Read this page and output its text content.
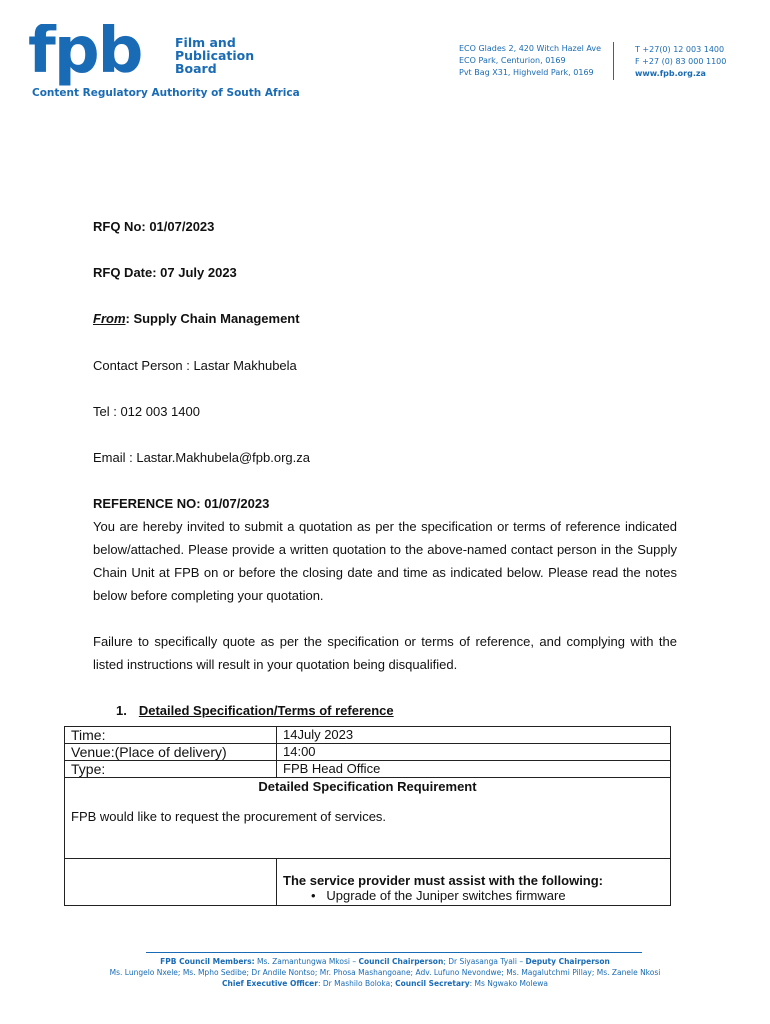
fpb	Film and
Publication
Board
Content Regulatory Authority of South Africa
ECO Glades 2, 420 Witch Hazel Ave
ECO Park, Centurion, 0169
Pvt Bag X31, Highveld Park, 0169
T +27(0) 12 003 1400
F +27 (0) 83 000 1100
www.fpb.org.za
RFQ No: 01/07/2023
RFQ Date: 07 July 2023
From: Supply Chain Management
Contact Person : Lastar Makhubela
Tel : 012 003 1400
Email : Lastar.Makhubela@fpb.org.za
REFERENCE NO: 01/07/2023
You are hereby invited to submit a quotation as per the specification or terms of reference indicated below/attached. Please provide a written quotation to the above-named contact person in the Supply Chain Unit at FPB on or before the closing date and time as indicated below. Please read the notes below before completing your quotation.
Failure to specifically quote as per the specification or terms of reference, and complying with the listed instructions will result in your quotation being disqualified.
1. Detailed Specification/Terms of reference
Time:	14July 2023
Venue:(Place of delivery)	14:00
Type:	FPB Head Office

Detailed Specification Requirement
FPB would like to request the procurement of services.	

	The service provider must assist with the following:
•   Upgrade of the Juniper switches firmware
FPB Council Members: Ms. Zamantungwa Mkosi – Council Chairperson; Dr Siyasanga Tyali – Deputy Chairperson
Ms. Lungelo Nxele; Ms. Mpho Sedibe; Dr Andile Nontso; Mr. Phosa Mashangoane; Adv. Lufuno Nevondwe; Ms. Magalutchmi Pillay; Ms. Zanele Nkosi
Chief Executive Officer: Dr Mashilo Boloka; Council Secretary: Ms Ngwako Molewa
